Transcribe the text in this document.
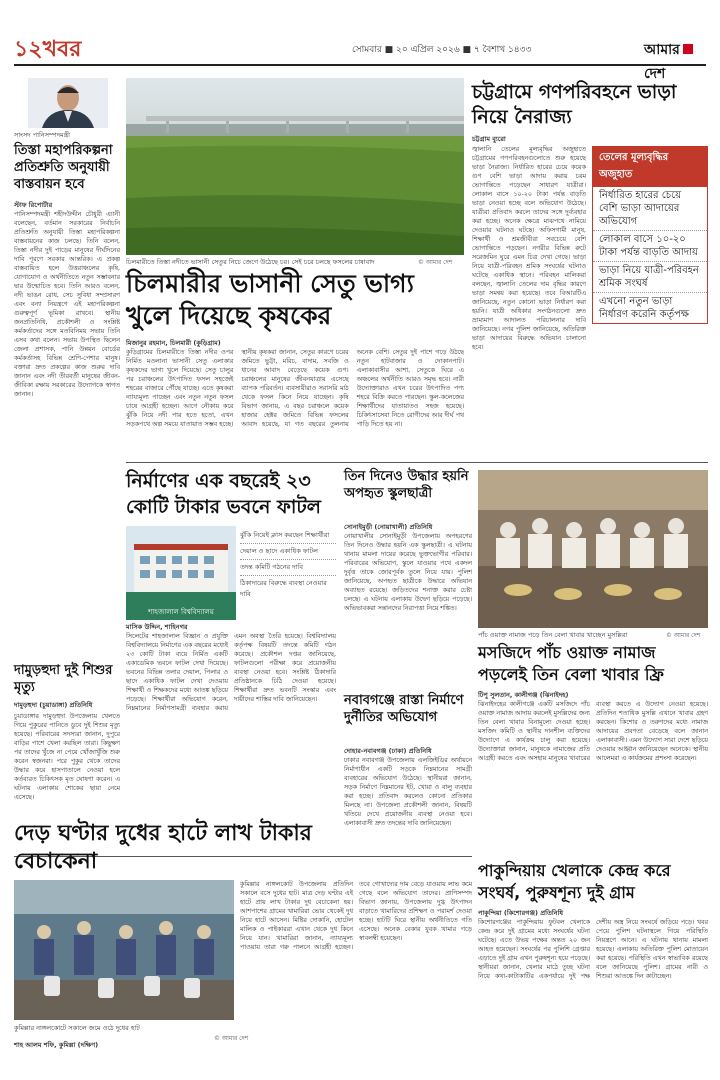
১২খবর	সোমবার ■ ২০ এপ্রিল ২০২৬ ■ ৭ বৈশাখ ১৪৩৩	আমারদেশ
সাংসদ পানিসম্পদমন্ত্রী
তিস্তা মহাপরিকল্পনা প্রতিশ্রুতি অনুযায়ী বাস্তবায়ন হবে
স্টাফ রিপোর্টার
পানিসম্পদমন্ত্রী শহীদউদ্দীন চৌধুরী এ্যানী বলেছেন, বর্তমান সরকারের নির্বাচনি প্রতিশ্রুতি অনুযায়ী তিস্তা মহাপরিকল্পনা বাস্তবায়নের কাজ চলছে। তিনি বলেন, তিস্তা নদীর দুই পাড়ের মানুষের দীর্ঘদিনের দাবি পূরণে সরকার আন্তরিক। এ প্রকল্প বাস্তবায়িত হলে উত্তরাঞ্চলের কৃষি, যোগাযোগ ও অর্থনীতিতে নতুন সম্ভাবনার দ্বার উন্মোচিত হবে। তিনি আরও বলেন, নদী ভাঙন রোধ, সেচ সুবিধা সম্প্রসারণ এবং বন্যা নিয়ন্ত্রণে এই মহাপরিকল্পনা গুরুত্বপূর্ণ ভূমিকা রাখবে। স্থানীয় জনপ্রতিনিধি, প্রকৌশলী ও সংশ্লিষ্ট কর্মকর্তাদের সঙ্গে মতবিনিময় সভায় তিনি এসব কথা বলেন। সভায় উপস্থিত ছিলেন জেলা প্রশাসক, পানি উন্নয়ন বোর্ডের কর্মকর্তাসহ বিভিন্ন শ্রেণি-পেশার মানুষ। বক্তারা দ্রুত প্রকল্পের কাজ শুরুর দাবি জানান এবং নদী তীরবর্তী মানুষের জীবন-জীবিকা রক্ষায় সরকারের উদ্যোগকে স্বাগত জানান।
দামুড়হুদা দুই শিশুর মৃত্যু
দামুড়হুদা (চুয়াডাঙ্গা) প্রতিনিধি
চুয়াডাঙ্গার দামুড়হুদা উপজেলায় খেলতে গিয়ে পুকুরের পানিতে ডুবে দুই শিশুর মৃত্যু হয়েছে। পরিবারের সদস্যরা জানান, দুপুরে বাড়ির পাশে খেলা করছিল তারা। কিছুক্ষণ পর তাদের খুঁজে না পেয়ে খোঁজাখুঁজি শুরু করেন স্বজনরা। পরে পুকুর থেকে তাদের উদ্ধার করে হাসপাতালে নেওয়া হলে কর্তব্যরত চিকিৎসক মৃত ঘোষণা করেন। এ ঘটনায় এলাকায় শোকের ছায়া নেমে এসেছে।
চিলমারীতে তিস্তা নদীতে ভাসানী সেতুর নিচে জেগে উঠেছে চর। সেই চরে চলছে ফসলের চাষাবাদ	© আমার দেশ
চিলমারীর ভাসানী সেতু ভাগ্য খুলে দিয়েছে কৃষকের
মিজানুর রহমান, চিলমারী (কুড়িগ্রাম)
কুড়িগ্রামের চিলমারীতে তিস্তা নদীর ওপর নির্মিত মওলানা ভাসানী সেতু এলাকার কৃষকদের ভাগ্য খুলে দিয়েছে। সেতু চালুর পর চরাঞ্চলের উৎপাদিত ফসল সহজেই শহরের বাজারে পৌঁছে যাচ্ছে। এতে কৃষকরা ন্যায্যমূল্য পাচ্ছেন এবং নতুন নতুন ফসল চাষে আগ্রহী হচ্ছেন। আগে নৌকায় করে ঝুঁকি নিয়ে নদী পার হতে হতো, এখন সড়কপথে অল্প সময়ে যাতায়াত সম্ভব হচ্ছে। স্থানীয় কৃষকরা জানান, সেতুর কারণে চরের জমিতে ভুট্টা, মরিচ, বাদাম, সবজি ও ধানের আবাদ বেড়েছে কয়েক গুণ। চরাঞ্চলের মানুষের জীবনযাত্রায় এসেছে ব্যাপক পরিবর্তন। ব্যবসায়ীরাও সরাসরি মাঠ থেকে ফসল কিনে নিয়ে যাচ্ছেন। কৃষি বিভাগ জানায়, এ বছর চরাঞ্চলে কয়েক হাজার হেক্টর জমিতে বিভিন্ন ফসলের আবাদ হয়েছে, যা গত বছরের তুলনায় অনেক বেশি। সেতুর দুই পাশে গড়ে উঠছে নতুন হাটবাজার ও দোকানপাট। এলাকাবাসীর আশা, সেতুকে ঘিরে এ অঞ্চলের অর্থনীতি আরও সমৃদ্ধ হবে। নারী উদ্যোক্তারাও এখন চরের উৎপাদিত পণ্য শহরে বিক্রি করতে পারছেন। স্কুল-কলেজের শিক্ষার্থীদের যাতায়াতও সহজ হয়েছে। চিকিৎসাসেবা নিতে রোগীদের আর দীর্ঘ পথ পাড়ি দিতে হয় না।
চট্টগ্রামে গণপরিবহনে ভাড়া নিয়ে নৈরাজ্য
চট্টগ্রাম ব্যুরো
জ্বালানি তেলের মূল্যবৃদ্ধির অজুহাতে চট্টগ্রামের গণপরিবহনগুলোতে শুরু হয়েছে ভাড়া নৈরাজ্য। নির্ধারিত হারের চেয়ে কয়েক গুণ বেশি ভাড়া আদায় করায় চরম ভোগান্তিতে পড়েছেন সাধারণ যাত্রীরা। লোকাল বাসে ১০-২০ টাকা পর্যন্ত বাড়তি ভাড়া নেওয়া হচ্ছে বলে অভিযোগ উঠেছে। যাত্রীরা প্রতিবাদ করলে তাদের সঙ্গে দুর্ব্যবহার করা হচ্ছে। অনেক ক্ষেত্রে মাঝপথে নামিয়ে দেওয়ার ঘটনাও ঘটছে। অফিসগামী মানুষ, শিক্ষার্থী ও শ্রমজীবীরা সবচেয়ে বেশি ভোগান্তিতে পড়ছেন। নগরীর বিভিন্ন রুটে সরেজমিন ঘুরে এমন চিত্র দেখা গেছে। ভাড়া নিয়ে যাত্রী-পরিবহন শ্রমিক সংঘর্ষের ঘটনাও ঘটেছে একাধিক স্থানে। পরিবহন মালিকরা বলছেন, জ্বালানি তেলের দাম বৃদ্ধির কারণে ভাড়া সমন্বয় করা হয়েছে। তবে বিআরটিএ জানিয়েছে, নতুন কোনো ভাড়া নির্ধারণ করা হয়নি। যাত্রী অধিকার সংগঠনগুলো দ্রুত ভ্রাম্যমাণ আদালত পরিচালনার দাবি জানিয়েছে। নগর পুলিশ জানিয়েছে, অতিরিক্ত ভাড়া আদায়ের বিরুদ্ধে অভিযান চালানো হবে।
তেলের মূল্যবৃদ্ধির অজুহাত
নির্ধারিত হারের চেয়ে বেশি ভাড়া আদায়ের অভিযোগ
লোকাল বাসে ১০-২০ টাকা পর্যন্ত বাড়তি আদায়
ভাড়া নিয়ে যাত্রী-পরিবহন শ্রমিক সংঘর্ষ
এখনো নতুন ভাড়া নির্ধারণ করেনি কর্তৃপক্ষ
নির্মাণের এক বছরেই ২৩ কোটি টাকার ভবনে ফাটল
শাহজালাল বিশ্ববিদ্যালয়
ঝুঁকি নিয়েই ক্লাস করছেন শিক্ষার্থীরা
দেয়াল ও ছাদে একাধিক ফাটল
তদন্ত কমিটি গঠনের দাবি
ঠিকাদারের বিরুদ্ধে ব্যবস্থা নেওয়ার দাবি
মাসিক উদ্দিন, শাহিনগর
সিলেটের শাহজালাল বিজ্ঞান ও প্রযুক্তি বিশ্ববিদ্যালয়ে নির্মাণের এক বছরের মধ্যেই ২৩ কোটি টাকা ব্যয়ে নির্মিত একটি একাডেমিক ভবনে ফাটল দেখা দিয়েছে। ভবনের বিভিন্ন তলার দেয়াল, পিলার ও ছাদে একাধিক ফাটল দেখা দেওয়ায় শিক্ষার্থী ও শিক্ষকদের মধ্যে আতঙ্ক ছড়িয়ে পড়েছে। শিক্ষার্থীরা অভিযোগ করেন, নিম্নমানের নির্মাণসামগ্রী ব্যবহার করায় এমন অবস্থা তৈরি হয়েছে। বিশ্ববিদ্যালয় কর্তৃপক্ষ বিষয়টি তদন্তে কমিটি গঠন করেছে। প্রকৌশল দপ্তর জানিয়েছে, ফাটলগুলো পরীক্ষা করে প্রয়োজনীয় ব্যবস্থা নেওয়া হবে। সংশ্লিষ্ট ঠিকাদারি প্রতিষ্ঠানকে চিঠি দেওয়া হয়েছে। শিক্ষার্থীরা দ্রুত ভবনটি সংস্কার এবং দায়ীদের শাস্তির দাবি জানিয়েছেন।
তিন দিনেও উদ্ধার হয়নি অপহৃত স্কুলছাত্রী
সোনাইমুড়ী (নোয়াখালী) প্রতিনিধি
নোয়াখালীর সোনাইমুড়ী উপজেলায় অপহরণের তিন দিনেও উদ্ধার হয়নি এক স্কুলছাত্রী। এ ঘটনায় থানায় মামলা দায়ের করেছে ভুক্তভোগীর পরিবার। পরিবারের অভিযোগ, স্কুলে যাওয়ার পথে একদল দুর্বৃত্ত তাকে জোরপূর্বক তুলে নিয়ে যায়। পুলিশ জানিয়েছে, অপহৃত ছাত্রীকে উদ্ধারে অভিযান অব্যাহত রয়েছে। জড়িতদের শনাক্ত করার চেষ্টা চলছে। এ ঘটনায় এলাকায় উদ্বেগ ছড়িয়ে পড়েছে। অভিভাবকরা সন্তানদের নিরাপত্তা নিয়ে শঙ্কিত।
নবাবগঞ্জে রাস্তা নির্মাণে দুর্নীতির অভিযোগ
দোহার-নবাবগঞ্জ (ঢাকা) প্রতিনিধি
ঢাকার নবাবগঞ্জ উপজেলায় এলজিইডির অর্থায়নে নির্মাণাধীন একটি সড়কে নিম্নমানের সামগ্রী ব্যবহারের অভিযোগ উঠেছে। স্থানীয়রা জানান, সড়ক নির্মাণে নিম্নমানের ইট, খোয়া ও বালু ব্যবহার করা হচ্ছে। প্রতিবাদ করলেও কোনো প্রতিকার মিলছে না। উপজেলা প্রকৌশলী জানান, বিষয়টি খতিয়ে দেখে প্রয়োজনীয় ব্যবস্থা নেওয়া হবে। এলাকাবাসী দ্রুত তদন্তের দাবি জানিয়েছেন।
পাঁচ ওয়াক্ত নামাজ পড়ে তিন বেলা খাবার খাচ্ছেন মুসল্লিরা	© আমার দেশ
মসজিদে পাঁচ ওয়াক্ত নামাজ পড়লেই তিন বেলা খাবার ফ্রি
টিপু সুলতান, কালীগঞ্জ (ঝিনাইদহ)
ঝিনাইদহের কালীগঞ্জে একটি মসজিদে পাঁচ ওয়াক্ত নামাজ আদায় করলেই মুসল্লিদের জন্য তিন বেলা খাবার বিনামূল্যে দেওয়া হচ্ছে। মসজিদ কমিটি ও স্থানীয় দানশীল ব্যক্তিদের উদ্যোগে এ কার্যক্রম চালু করা হয়েছে। উদ্যোক্তারা জানান, মানুষকে নামাজের প্রতি আগ্রহী করতে এবং অসহায় মানুষের খাবারের ব্যবস্থা করতে এ উদ্যোগ নেওয়া হয়েছে। প্রতিদিন শতাধিক মুসল্লি এখানে খাবার গ্রহণ করছেন। কিশোর ও তরুণদের মধ্যে নামাজ আদায়ের প্রবণতা বেড়েছে বলে জানান এলাকাবাসী। এমন উদ্যোগ সারা দেশে ছড়িয়ে দেওয়ার আহ্বান জানিয়েছেন অনেকে। স্থানীয় আলেমরা এ কার্যক্রমের প্রশংসা করেছেন।
দেড় ঘণ্টার দুধের হাটে লাখ টাকার বেচাকেনা
কুমিল্লার নাঙ্গলকোটে সকালে জমে ওঠে দুধের হাট
© আমার দেশ
শাহ আলম শফি, কুমিল্লা (দক্ষিণ)
কুমিল্লার নাঙ্গলকোট উপজেলায় প্রতিদিন সকালে বসে দুধের হাট। মাত্র দেড় ঘণ্টার এই হাটে প্রায় লাখ টাকার দুধ বেচাকেনা হয়। আশপাশের গ্রামের খামারিরা ভোর থেকেই দুধ নিয়ে হাটে আসেন। মিষ্টির দোকানি, হোটেল মালিক ও পাইকাররা এখান থেকে দুধ কিনে নিয়ে যান। খামারিরা জানান, ন্যায্যমূল্য পাওয়ায় তারা গরু পালনে আগ্রহী হচ্ছেন। তবে গোখাদ্যের দাম বেড়ে যাওয়ায় লাভ কমে গেছে বলে অভিযোগ তাদের। প্রাণিসম্পদ বিভাগ জানায়, উপজেলায় দুগ্ধ উৎপাদন বাড়াতে খামারিদের প্রশিক্ষণ ও পরামর্শ দেওয়া হচ্ছে। হাটটি ঘিরে স্থানীয় অর্থনীতিতে গতি এসেছে। অনেক বেকার যুবক খামার গড়ে স্বাবলম্বী হয়েছেন।
পাকুন্দিয়ায় খেলাকে কেন্দ্র করে সংঘর্ষ, পুরুষশূন্য দুই গ্রাম
পাকুন্দিয়া (কিশোরগঞ্জ) প্রতিনিধি
কিশোরগঞ্জের পাকুন্দিয়ায় ফুটবল খেলাকে কেন্দ্র করে দুই গ্রামের মধ্যে সংঘর্ষের ঘটনা ঘটেছে। এতে উভয় পক্ষের অন্তত ২০ জন আহত হয়েছেন। সংঘর্ষের পর পুলিশি গ্রেপ্তার এড়াতে দুই গ্রাম এখন পুরুষশূন্য হয়ে পড়েছে। স্থানীয়রা জানান, খেলার মাঠে তুচ্ছ ঘটনা নিয়ে কথা-কাটাকাটির একপর্যায়ে দুই পক্ষ দেশীয় অস্ত্র নিয়ে সংঘর্ষে জড়িয়ে পড়ে। খবর পেয়ে পুলিশ ঘটনাস্থলে গিয়ে পরিস্থিতি নিয়ন্ত্রণে আনে। এ ঘটনায় থানায় মামলা হয়েছে। এলাকায় অতিরিক্ত পুলিশ মোতায়েন করা হয়েছে। পরিস্থিতি এখন স্বাভাবিক রয়েছে বলে জানিয়েছে পুলিশ। গ্রামের নারী ও শিশুরা আতঙ্কে দিন কাটাচ্ছেন।
